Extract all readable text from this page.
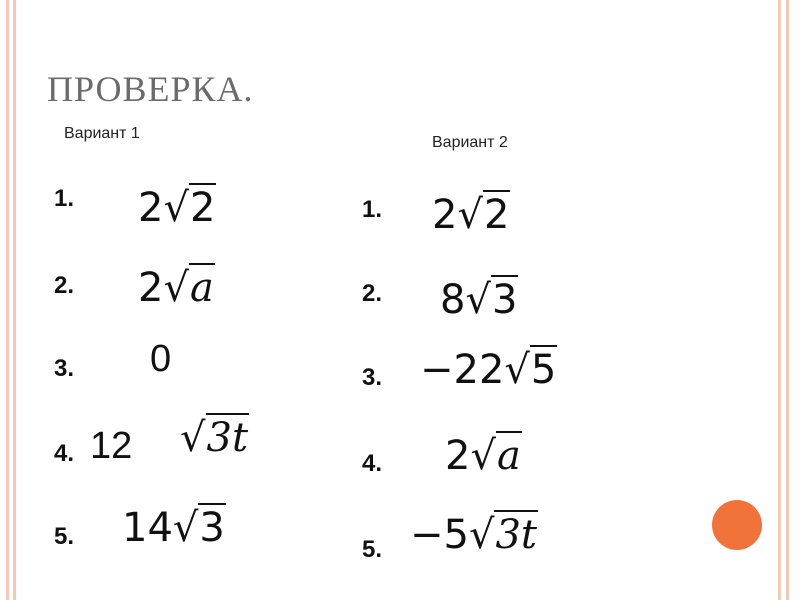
ПРОВЕРКА.
Вариант 1
Вариант 2
1. 2√2
2. 2√a
3. 0
4. 12 √3t
5. 14√3
1. 2√2
2. 8√3
3. −22√5
4. 2√a
5. −5√3t
